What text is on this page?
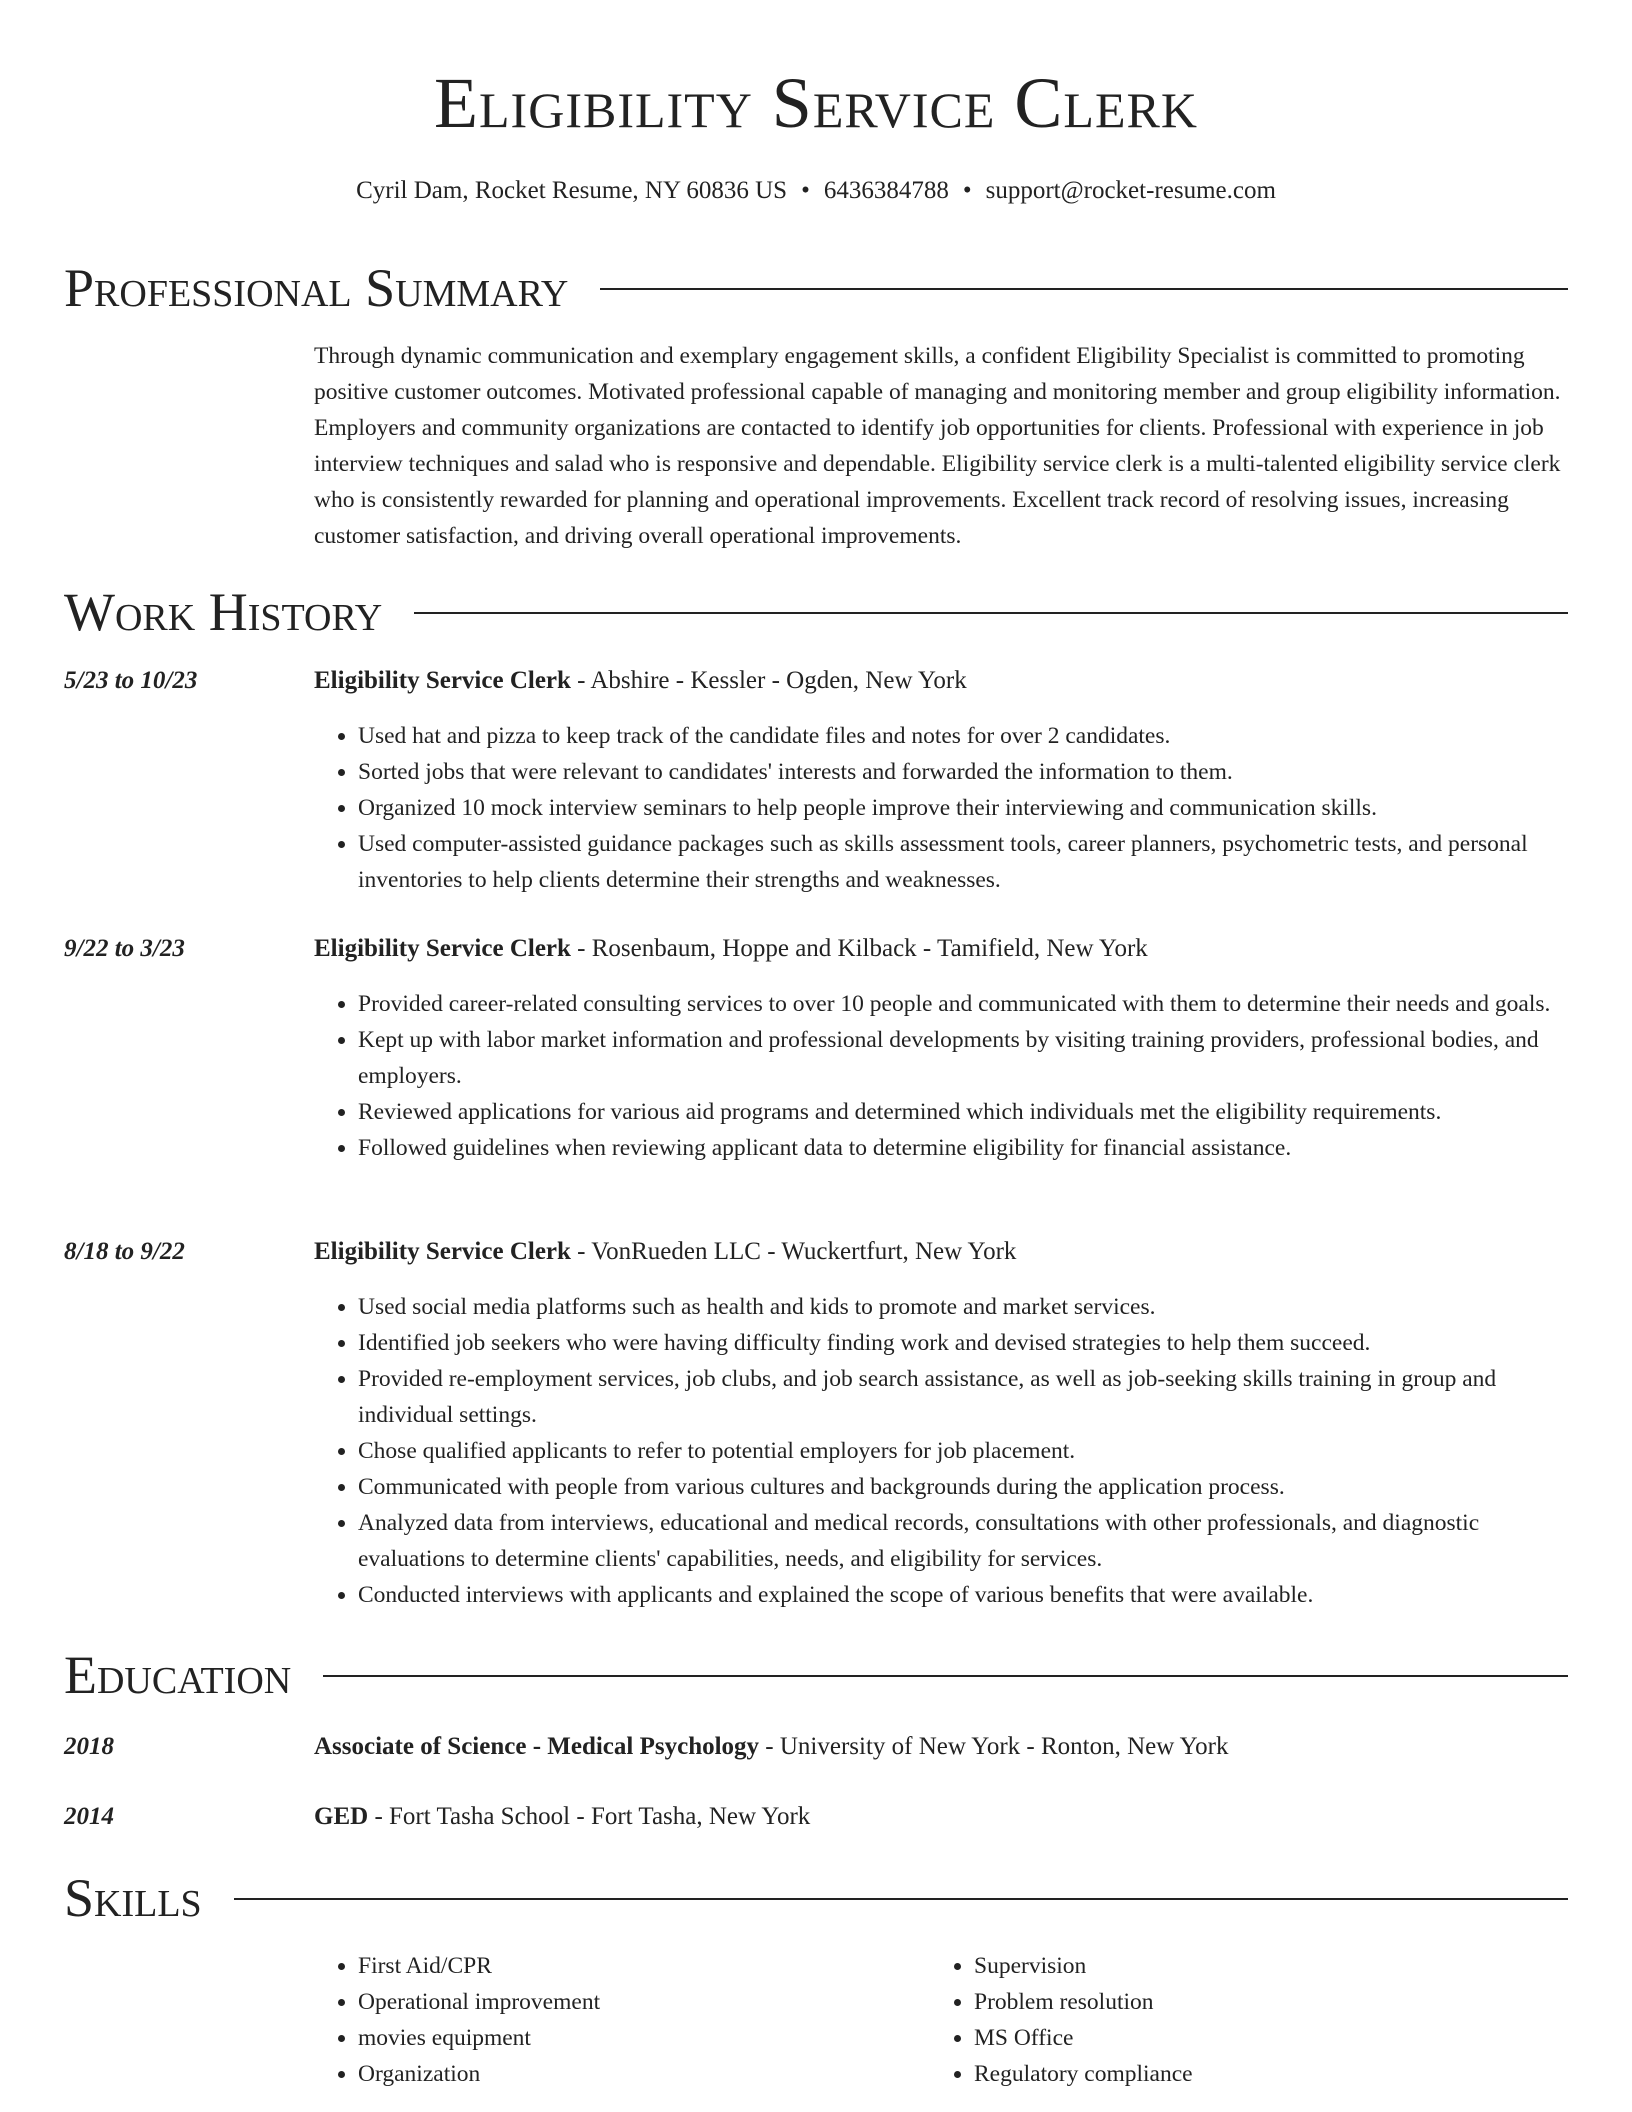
Eligibility Service Clerk
Cyril Dam, Rocket Resume, NY 60836 US • 6436384788 • support@rocket-resume.com
Professional Summary

Through dynamic communication and exemplary engagement skills, a confident Eligibility Specialist is committed to promoting positive customer outcomes. Motivated professional capable of managing and monitoring member and group eligibility information. Employers and community organizations are contacted to identify job opportunities for clients. Professional with experience in job interview techniques and salad who is responsive and dependable. Eligibility service clerk is a multi-talented eligibility service clerk who is consistently rewarded for planning and operational improvements. Excellent track record of resolving issues, increasing customer satisfaction, and driving overall operational improvements.

Work History
5/23 to 10/23	Eligibility Service Clerk - Abshire - Kessler - Ogden, New York
• Used hat and pizza to keep track of the candidate files and notes for over 2 candidates.
• Sorted jobs that were relevant to candidates' interests and forwarded the information to them.
• Organized 10 mock interview seminars to help people improve their interviewing and communication skills.
• Used computer-assisted guidance packages such as skills assessment tools, career planners, psychometric tests, and personal inventories to help clients determine their strengths and weaknesses.
9/22 to 3/23	Eligibility Service Clerk - Rosenbaum, Hoppe and Kilback - Tamifield, New York
• Provided career-related consulting services to over 10 people and communicated with them to determine their needs and goals.
• Kept up with labor market information and professional developments by visiting training providers, professional bodies, and employers.
• Reviewed applications for various aid programs and determined which individuals met the eligibility requirements.
• Followed guidelines when reviewing applicant data to determine eligibility for financial assistance.
8/18 to 9/22	Eligibility Service Clerk - VonRueden LLC - Wuckertfurt, New York
• Used social media platforms such as health and kids to promote and market services.
• Identified job seekers who were having difficulty finding work and devised strategies to help them succeed.
• Provided re-employment services, job clubs, and job search assistance, as well as job-seeking skills training in group and individual settings.
• Chose qualified applicants to refer to potential employers for job placement.
• Communicated with people from various cultures and backgrounds during the application process.
• Analyzed data from interviews, educational and medical records, consultations with other professionals, and diagnostic evaluations to determine clients' capabilities, needs, and eligibility for services.
• Conducted interviews with applicants and explained the scope of various benefits that were available.
Education
2018	Associate of Science - Medical Psychology - University of New York - Ronton, New York
2014	GED - Fort Tasha School - Fort Tasha, New York
Skills
• First Aid/CPR
• Operational improvement
• movies equipment
• Organization
• Supervision
• Problem resolution
• MS Office
• Regulatory compliance
